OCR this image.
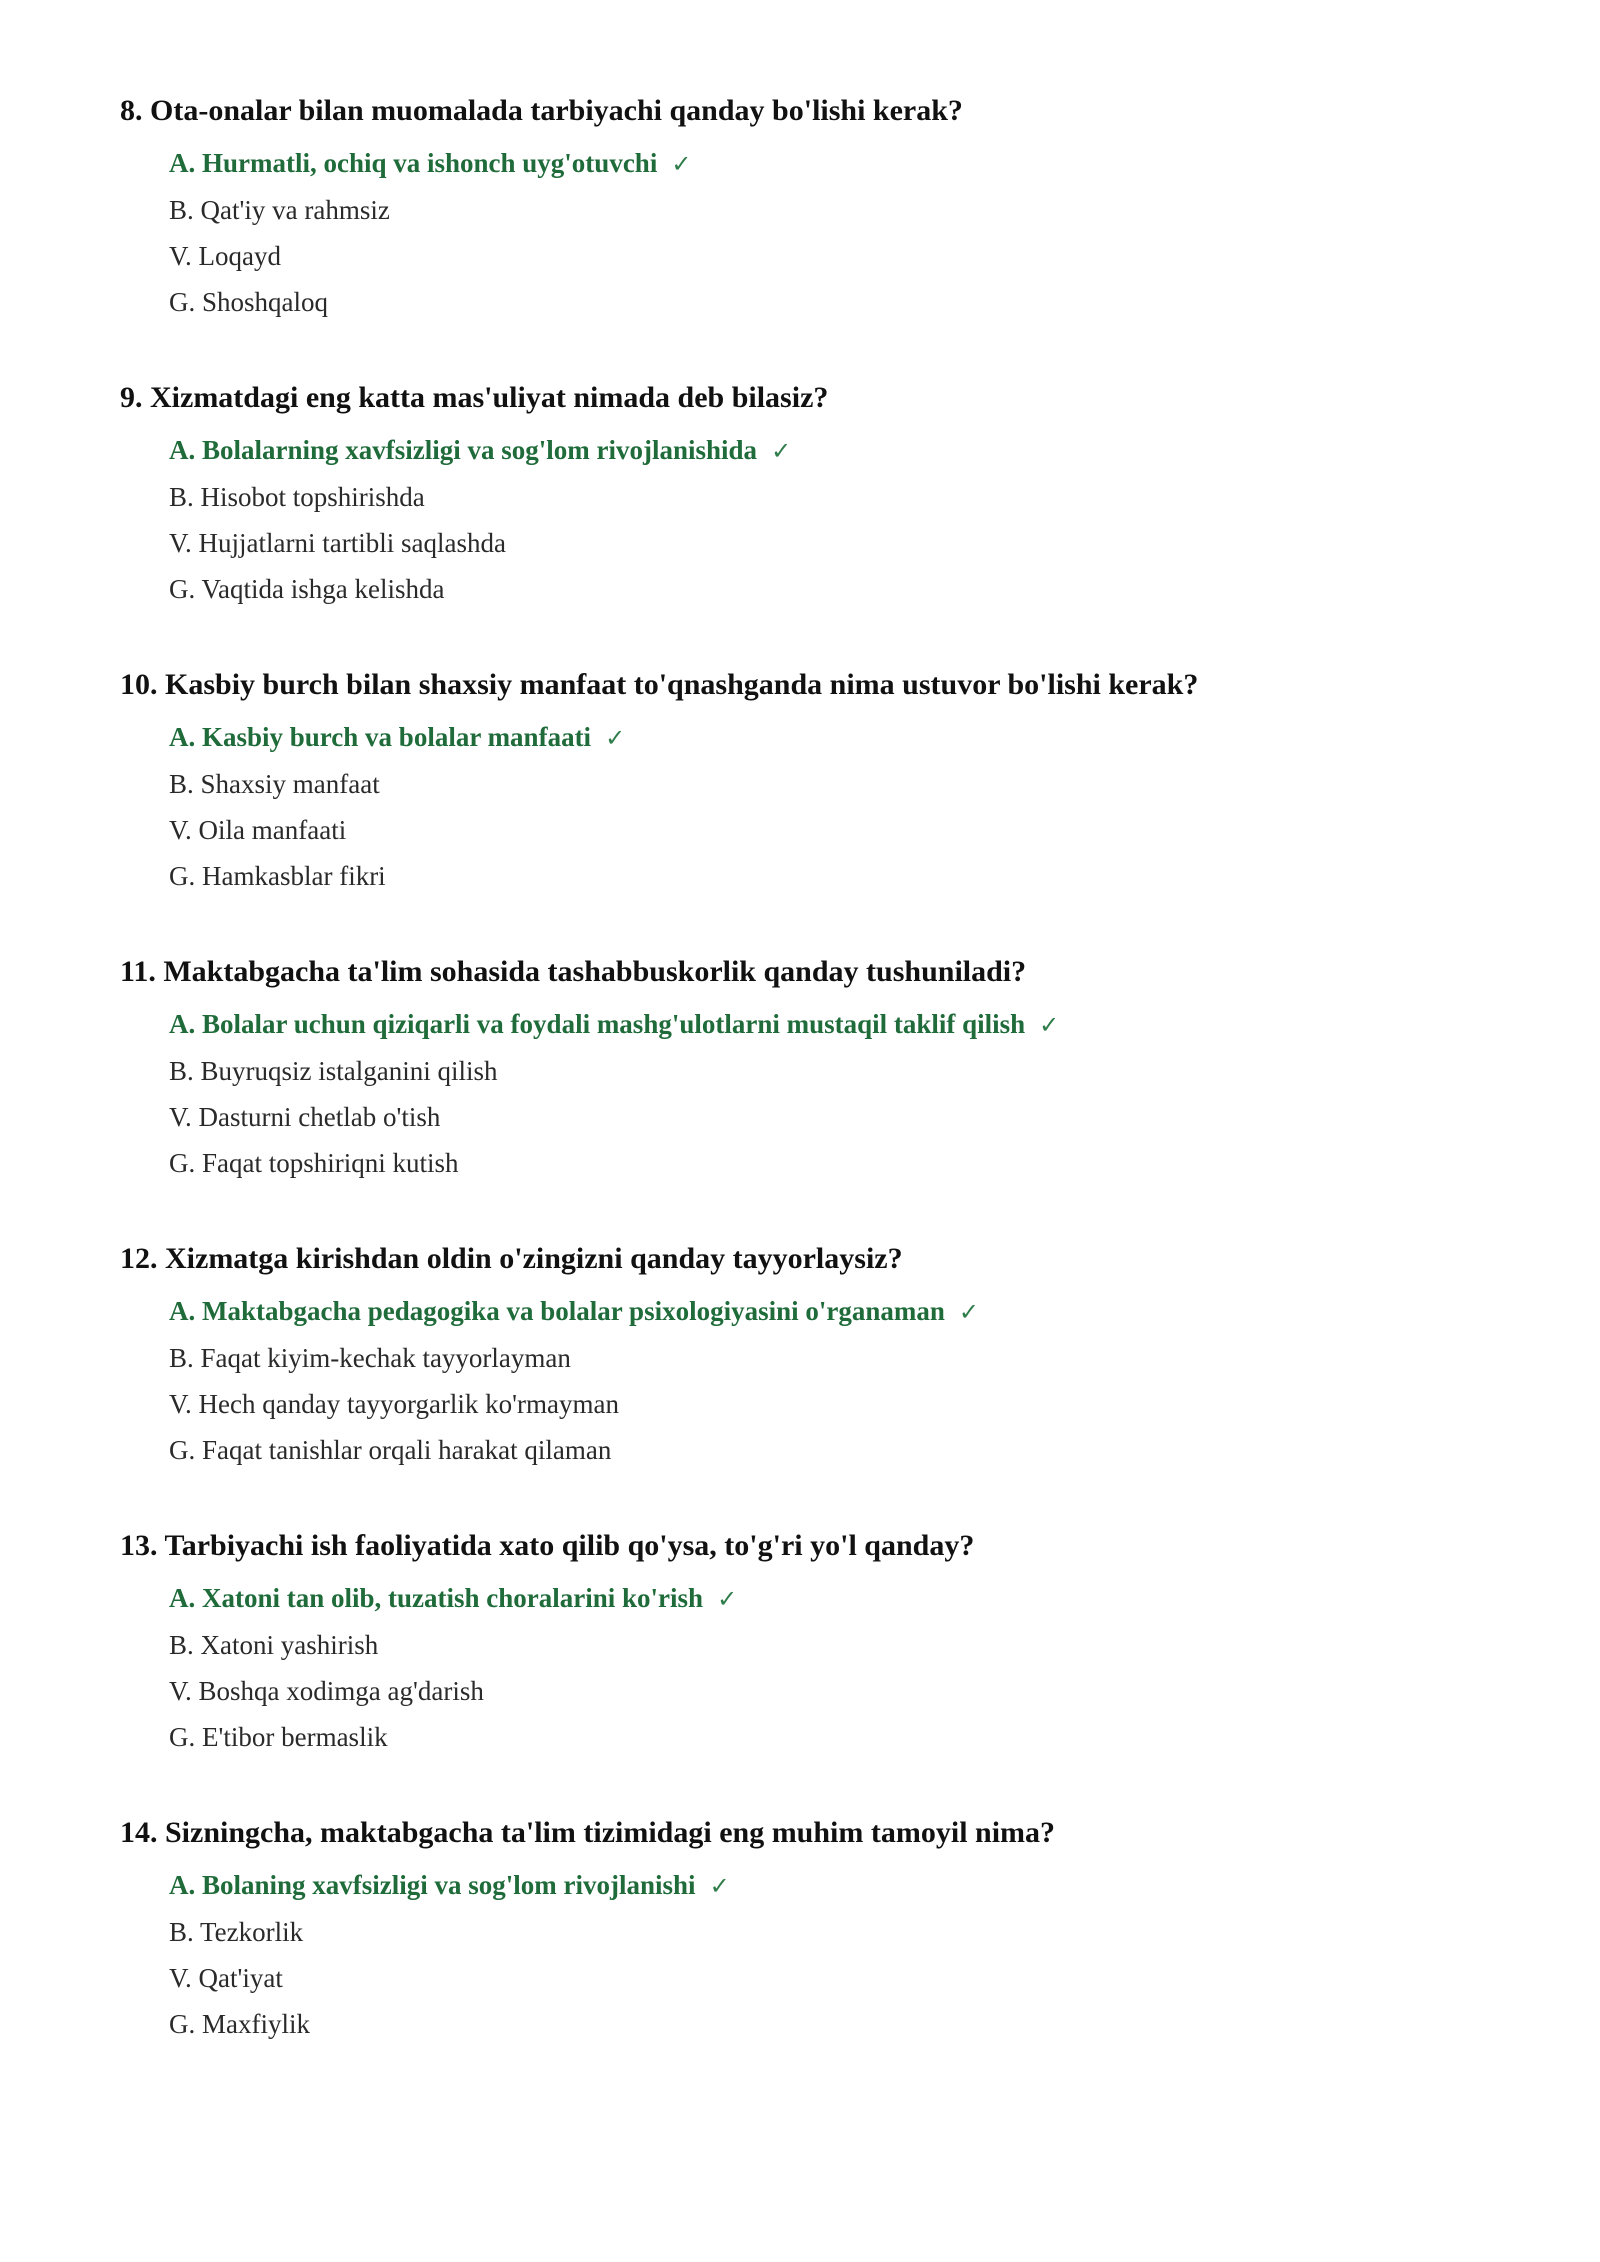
8. Ota-onalar bilan muomalada tarbiyachi qanday bo'lishi kerak?
A. Hurmatli, ochiq va ishonch uyg'otuvchi ✓
B. Qat'iy va rahmsiz
V. Loqayd
G. Shoshqaloq
9. Xizmatdagi eng katta mas'uliyat nimada deb bilasiz?
A. Bolalarning xavfsizligi va sog'lom rivojlanishida ✓
B. Hisobot topshirishda
V. Hujjatlarni tartibli saqlashda
G. Vaqtida ishga kelishda
10. Kasbiy burch bilan shaxsiy manfaat to'qnashganda nima ustuvor bo'lishi kerak?
A. Kasbiy burch va bolalar manfaati ✓
B. Shaxsiy manfaat
V. Oila manfaati
G. Hamkasblar fikri
11. Maktabgacha ta'lim sohasida tashabbuskorlik qanday tushuniladi?
A. Bolalar uchun qiziqarli va foydali mashg'ulotlarni mustaqil taklif qilish ✓
B. Buyruqsiz istalganini qilish
V. Dasturni chetlab o'tish
G. Faqat topshiriqni kutish
12. Xizmatga kirishdan oldin o'zingizni qanday tayyorlaysiz?
A. Maktabgacha pedagogika va bolalar psixologiyasini o'rganaman ✓
B. Faqat kiyim-kechak tayyorlayman
V. Hech qanday tayyorgarlik ko'rmayman
G. Faqat tanishlar orqali harakat qilaman
13. Tarbiyachi ish faoliyatida xato qilib qo'ysa, to'g'ri yo'l qanday?
A. Xatoni tan olib, tuzatish choralarini ko'rish ✓
B. Xatoni yashirish
V. Boshqa xodimga ag'darish
G. E'tibor bermaslik
14. Sizningcha, maktabgacha ta'lim tizimidagi eng muhim tamoyil nima?
A. Bolaning xavfsizligi va sog'lom rivojlanishi ✓
B. Tezkorlik
V. Qat'iyat
G. Maxfiylik
